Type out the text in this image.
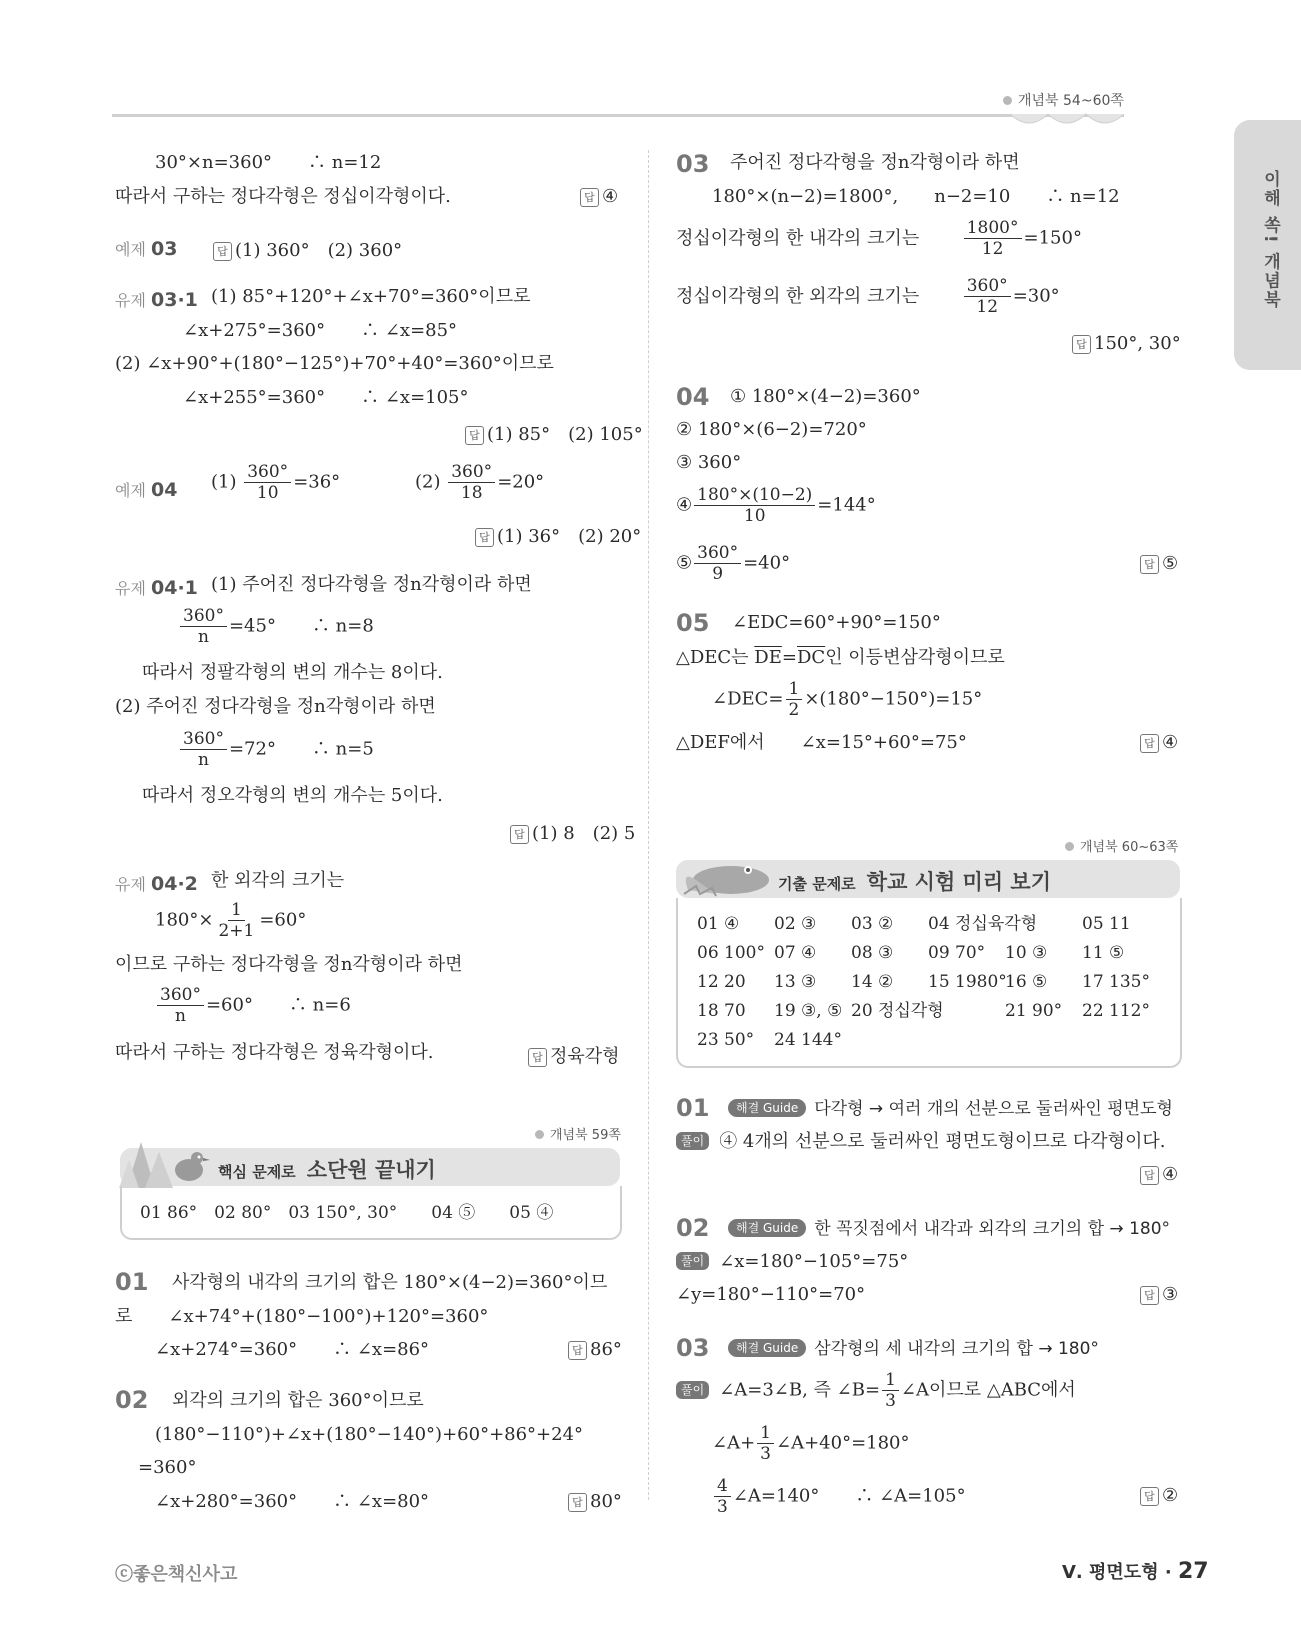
개념북 54~60쪽
이해 쏙! 개념북
30°×n=360°　　∴ n=12
따라서 구하는 정다각형은 정십이각형이다.	답 ④
예제 03	답 (1) 360°　(2) 360°
유제 03·1 (1) 85°+120°+∠x+70°=360°이므로
∠x+275°=360°　　∴ ∠x=85°
(2) ∠x+90°+(180°−125°)+70°+40°=360°이므로
∠x+255°=360°　　∴ ∠x=105°
답 (1) 85°　(2) 105°
예제 04 $(1) \frac{360^\circ}{10} =36^\circ$	$(2) \frac{360^\circ}{18} =20^\circ$
답 (1) 36°　(2) 20°
유제 04·1 (1) 주어진 정다각형을 정n각형이라 하면
$\frac{360^\circ}{n} =45^\circ$　　∴ n=8
따라서 정팔각형의 변의 개수는 8이다.
(2) 주어진 정다각형을 정n각형이라 하면
$\frac{360^\circ}{n} =72^\circ$　　∴ n=5
따라서 정오각형의 변의 개수는 5이다.
답 (1) 8　(2) 5
유제 04·2 한 외각의 크기는
$180^\circ\times \frac{1}{2+1} =60^\circ$
이므로 구하는 정다각형을 정n각형이라 하면
$\frac{360^\circ}{n} =60^\circ$　　∴ n=6
따라서 구하는 정다각형은 정육각형이다.	답 정육각형
개념북 59쪽
핵심 문제로 소단원 끝내기
01 86°　02 80°　03 150°, 30°　　04 ⑤　　05 ④
01 사각형의 내각의 크기의 합은 180°×(4−2)=360°이므
로　　∠x+74°+(180°−100°)+120°=360°
∠x+274°=360°　　∴ ∠x=86°	답 86°
02 외각의 크기의 합은 360°이므로
(180°−110°)+∠x+(180°−140°)+60°+86°+24°
=360°
∠x+280°=360°　　∴ ∠x=80°	답 80°
03 주어진 정다각형을 정n각형이라 하면
180°×(n−2)=1800°,　　n−2=10　　∴ n=12
정십이각형의 한 내각의 크기는	$\frac{1800^\circ}{12} =150^\circ$
정십이각형의 한 외각의 크기는	$\frac{360^\circ}{12} =30^\circ$
답 150°, 30°
04 ① 180°×(4−2)=360°
② 180°×(6−2)=720°
③ 360°
④ $\frac{180^\circ\times(10-2)}{10} =144^\circ$
⑤ $\frac{360^\circ}{9} =40^\circ$	답 ⑤
05 ∠EDC=60°+90°=150°
△DEC는 $\overline{DE}=\overline{DC}$인 이등변삼각형이므로
∠DEC= $\frac{1}{2} \times(180^\circ-150^\circ)=15^\circ$
△DEF에서　　∠x=15°+60°=75°	답 ④
개념북 60~63쪽
기출 문제로 학교 시험 미리 보기
01 ④ 02 ③ 03 ② 04 정십육각형	05 11
06 100° 07 ④ 08 ③ 09 70° 10 ③ 11 ⑤
12 20 13 ③ 14 ② 15 1980°16 ⑤ 17 135°
18 70 19 ③, ⑤ 20 정십각형	21 90° 22 112°
23 50° 24 144°
01	해결 Guide 다각형 → 여러 개의 선분으로 둘러싸인 평면도형
풀이 ④ 4개의 선분으로 둘러싸인 평면도형이므로 다각형이다.
답 ④
02	해결 Guide 한 꼭짓점에서 내각과 외각의 크기의 합 → 180°
풀이 ∠x=180°−105°=75°
∠y=180°−110°=70°	답 ③
03	해결 Guide 삼각형의 세 내각의 크기의 합 → 180°
풀이 ∠A=3∠B, 즉 ∠B= $\frac{1}{3}$ ∠A이므로 △ABC에서
∠A+ $\frac{1}{3}$ ∠A+40°=180°
$\frac{4}{3}$ ∠A=140°　　∴ ∠A=105°	답 ②
ⓒ좋은책신사고	Ⅴ. 평면도형 · 27
